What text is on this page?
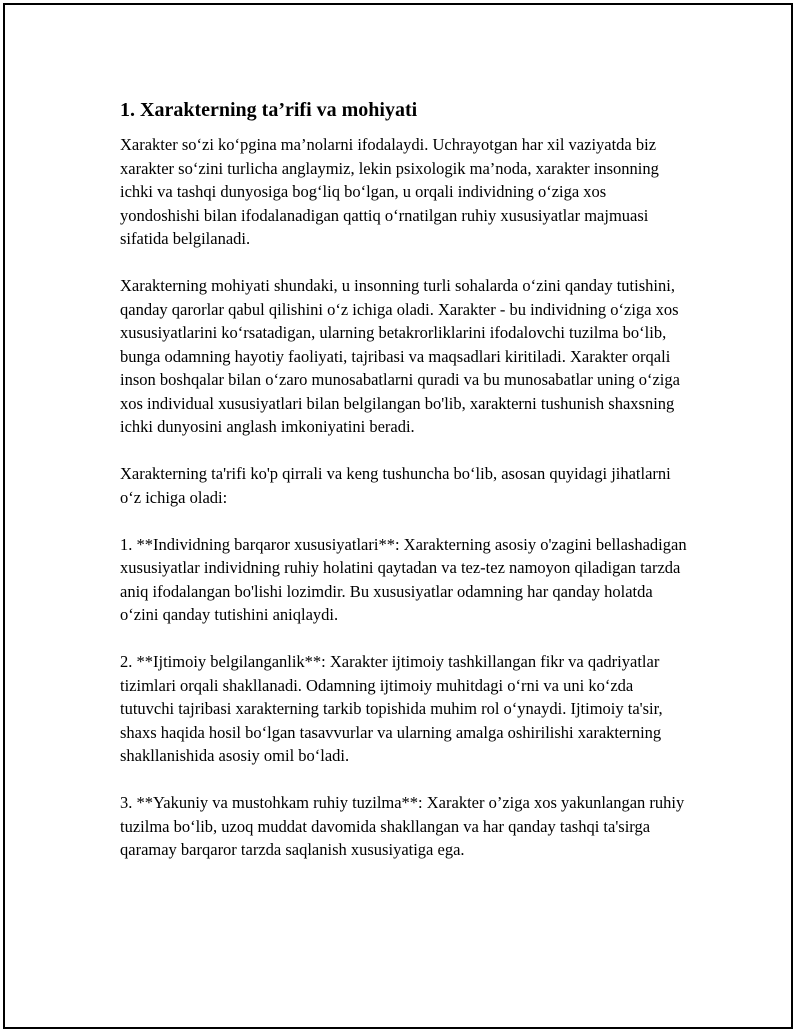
1. Xarakterning ta’rifi va mohiyati

Xarakter so‘zi ko‘pgina ma’nolarni ifodalaydi. Uchrayotgan har xil vaziyatda biz xarakter so‘zini turlicha anglaymiz, lekin psixologik ma’noda, xarakter insonning ichki va tashqi dunyosiga bog‘liq bo‘lgan, u orqali individning o‘ziga xos yondoshishi bilan ifodalanadigan qattiq o‘rnatilgan ruhiy xususiyatlar majmuasi sifatida belgilanadi.

Xarakterning mohiyati shundaki, u insonning turli sohalarda o‘zini qanday tutishini, qanday qarorlar qabul qilishini o‘z ichiga oladi. Xarakter - bu individning o‘ziga xos xususiyatlarini ko‘rsatadigan, ularning betakrorliklarini ifodalovchi tuzilma bo‘lib, bunga odamning hayotiy faoliyati, tajribasi va maqsadlari kiritiladi. Xarakter orqali inson boshqalar bilan o‘zaro munosabatlarni quradi va bu munosabatlar uning o‘ziga xos individual xususiyatlari bilan belgilangan bo'lib, xarakterni tushunish shaxsning ichki dunyosini anglash imkoniyatini beradi.

Xarakterning ta'rifi ko'p qirrali va keng tushuncha bo‘lib, asosan quyidagi jihatlarni o‘z ichiga oladi:

1. **Individning barqaror xususiyatlari**: Xarakterning asosiy o'zagini bellashadigan xususiyatlar individning ruhiy holatini qaytadan va tez-tez namoyon qiladigan tarzda aniq ifodalangan bo'lishi lozimdir. Bu xususiyatlar odamning har qanday holatda o‘zini qanday tutishini aniqlaydi.

2. **Ijtimoiy belgilanganlik**: Xarakter ijtimoiy tashkillangan fikr va qadriyatlar tizimlari orqali shakllanadi. Odamning ijtimoiy muhitdagi o‘rni va uni ko‘zda tutuvchi tajribasi xarakterning tarkib topishida muhim rol o‘ynaydi. Ijtimoiy ta'sir, shaxs haqida hosil bo‘lgan tasavvurlar va ularning amalga oshirilishi xarakterning shakllanishida asosiy omil bo‘ladi.

3. **Yakuniy va mustohkam ruhiy tuzilma**: Xarakter o’ziga xos yakunlangan ruhiy tuzilma bo‘lib, uzoq muddat davomida shakllangan va har qanday tashqi ta'sirga qaramay barqaror tarzda saqlanish xususiyatiga ega.
